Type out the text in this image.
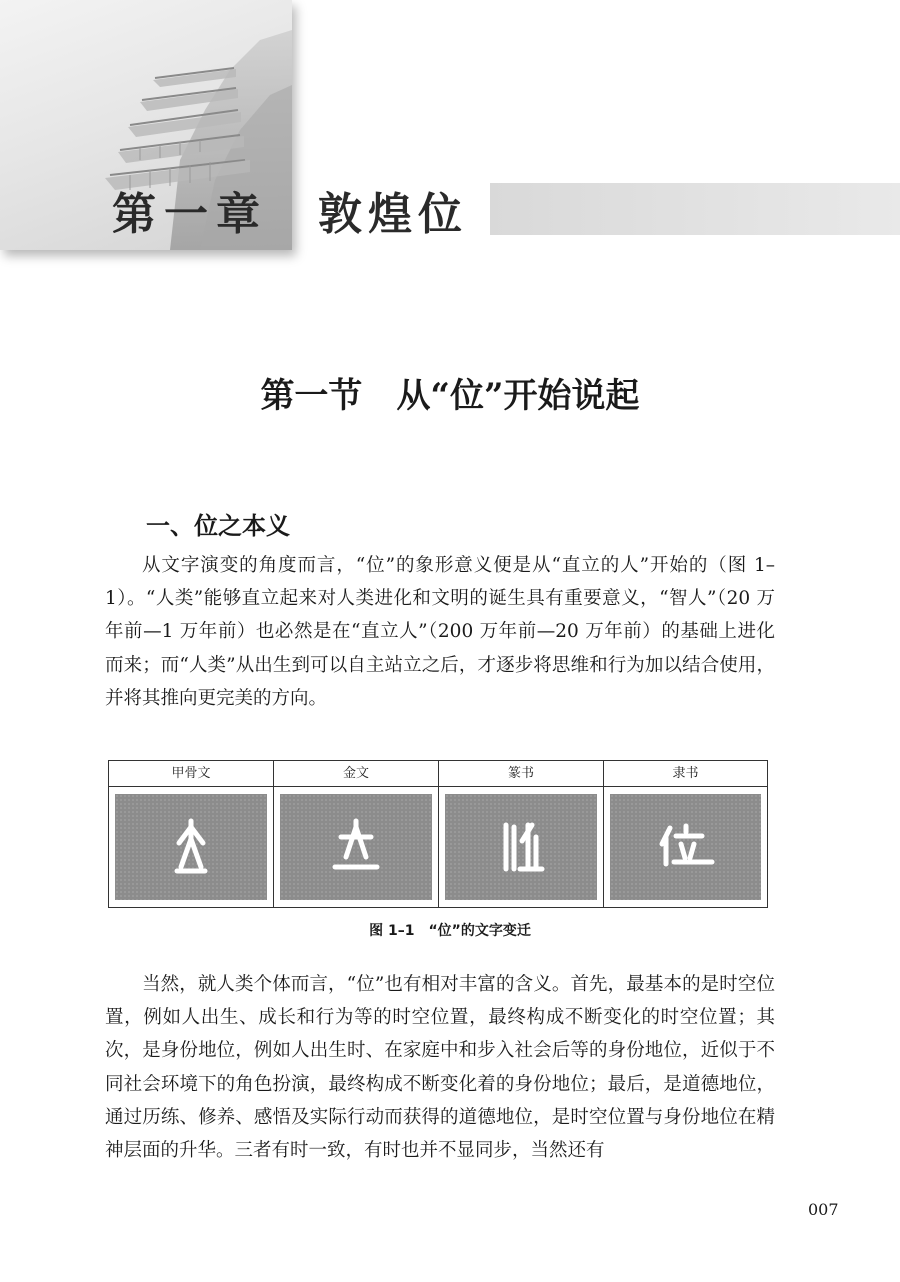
第一章 敦煌位
第一节　从“位”开始说起
一、位之本义

从文字演变的角度而言，“位”的象形意义便是从“直立的人”开始的（图 1–1）。“人类”能够直立起来对人类进化和文明的诞生具有重要意义，“智人”（20 万年前—1 万年前）也必然是在“直立人”（200 万年前—20 万年前）的基础上进化而来；而“人类”从出生到可以自主站立之后，才逐步将思维和行为加以结合使用，并将其推向更完美的方向。

甲骨文	金文	篆书	隶书
图 1–1　“位”的文字变迁

当然，就人类个体而言，“位”也有相对丰富的含义。首先，最基本的是时空位置，例如人出生、成长和行为等的时空位置，最终构成不断变化的时空位置；其次，是身份地位，例如人出生时、在家庭中和步入社会后等的身份地位，近似于不同社会环境下的角色扮演，最终构成不断变化着的身份地位；最后，是道德地位，通过历练、修养、感悟及实际行动而获得的道德地位，是时空位置与身份地位在精神层面的升华。三者有时一致，有时也并不显同步，当然还有

007
